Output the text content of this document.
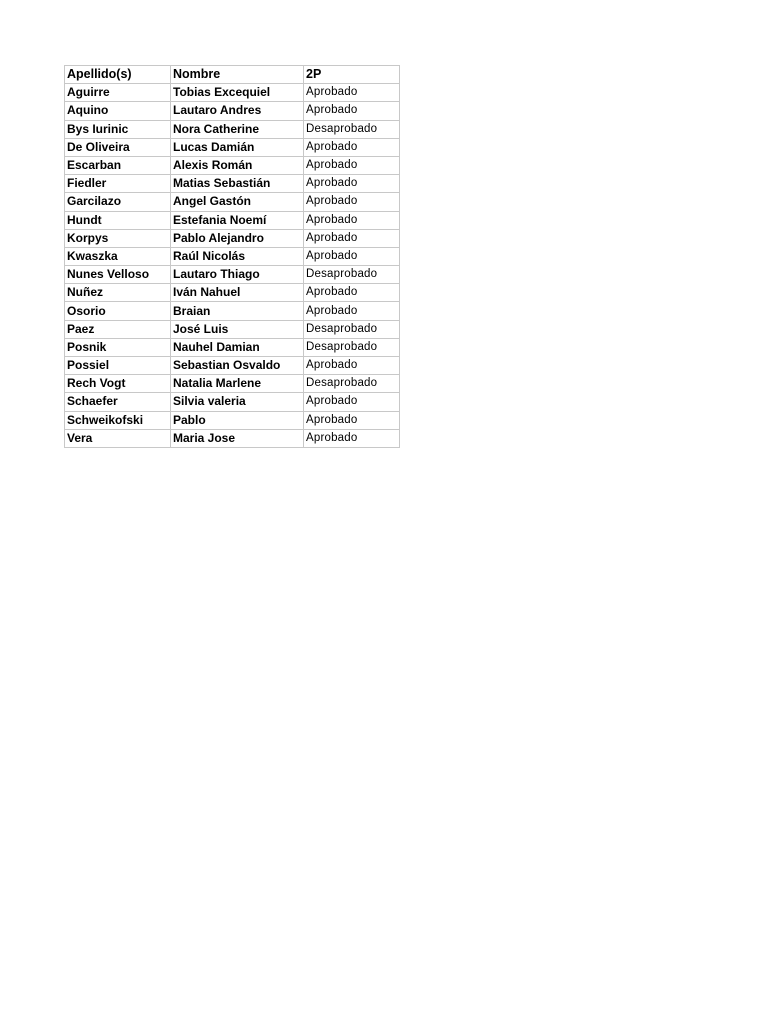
Apellido(s)	Nombre	2P
Aguirre	Tobias Excequiel	Aprobado
Aquino	Lautaro Andres	Aprobado
Bys Iurinic	Nora Catherine	Desaprobado
De Oliveira	Lucas Damián	Aprobado
Escarban	Alexis Román	Aprobado
Fiedler	Matias Sebastián	Aprobado
Garcilazo	Angel Gastón	Aprobado
Hundt	Estefania Noemí	Aprobado
Korpys	Pablo Alejandro	Aprobado
Kwaszka	Raúl Nicolás	Aprobado
Nunes Velloso	Lautaro Thiago	Desaprobado
Nuñez	Iván Nahuel	Aprobado
Osorio	Braian	Aprobado
Paez	José Luis	Desaprobado
Posnik	Nauhel Damian	Desaprobado
Possiel	Sebastian Osvaldo	Aprobado
Rech Vogt	Natalia Marlene	Desaprobado
Schaefer	Silvia valeria	Aprobado
Schweikofski	Pablo	Aprobado
Vera	Maria Jose	Aprobado
